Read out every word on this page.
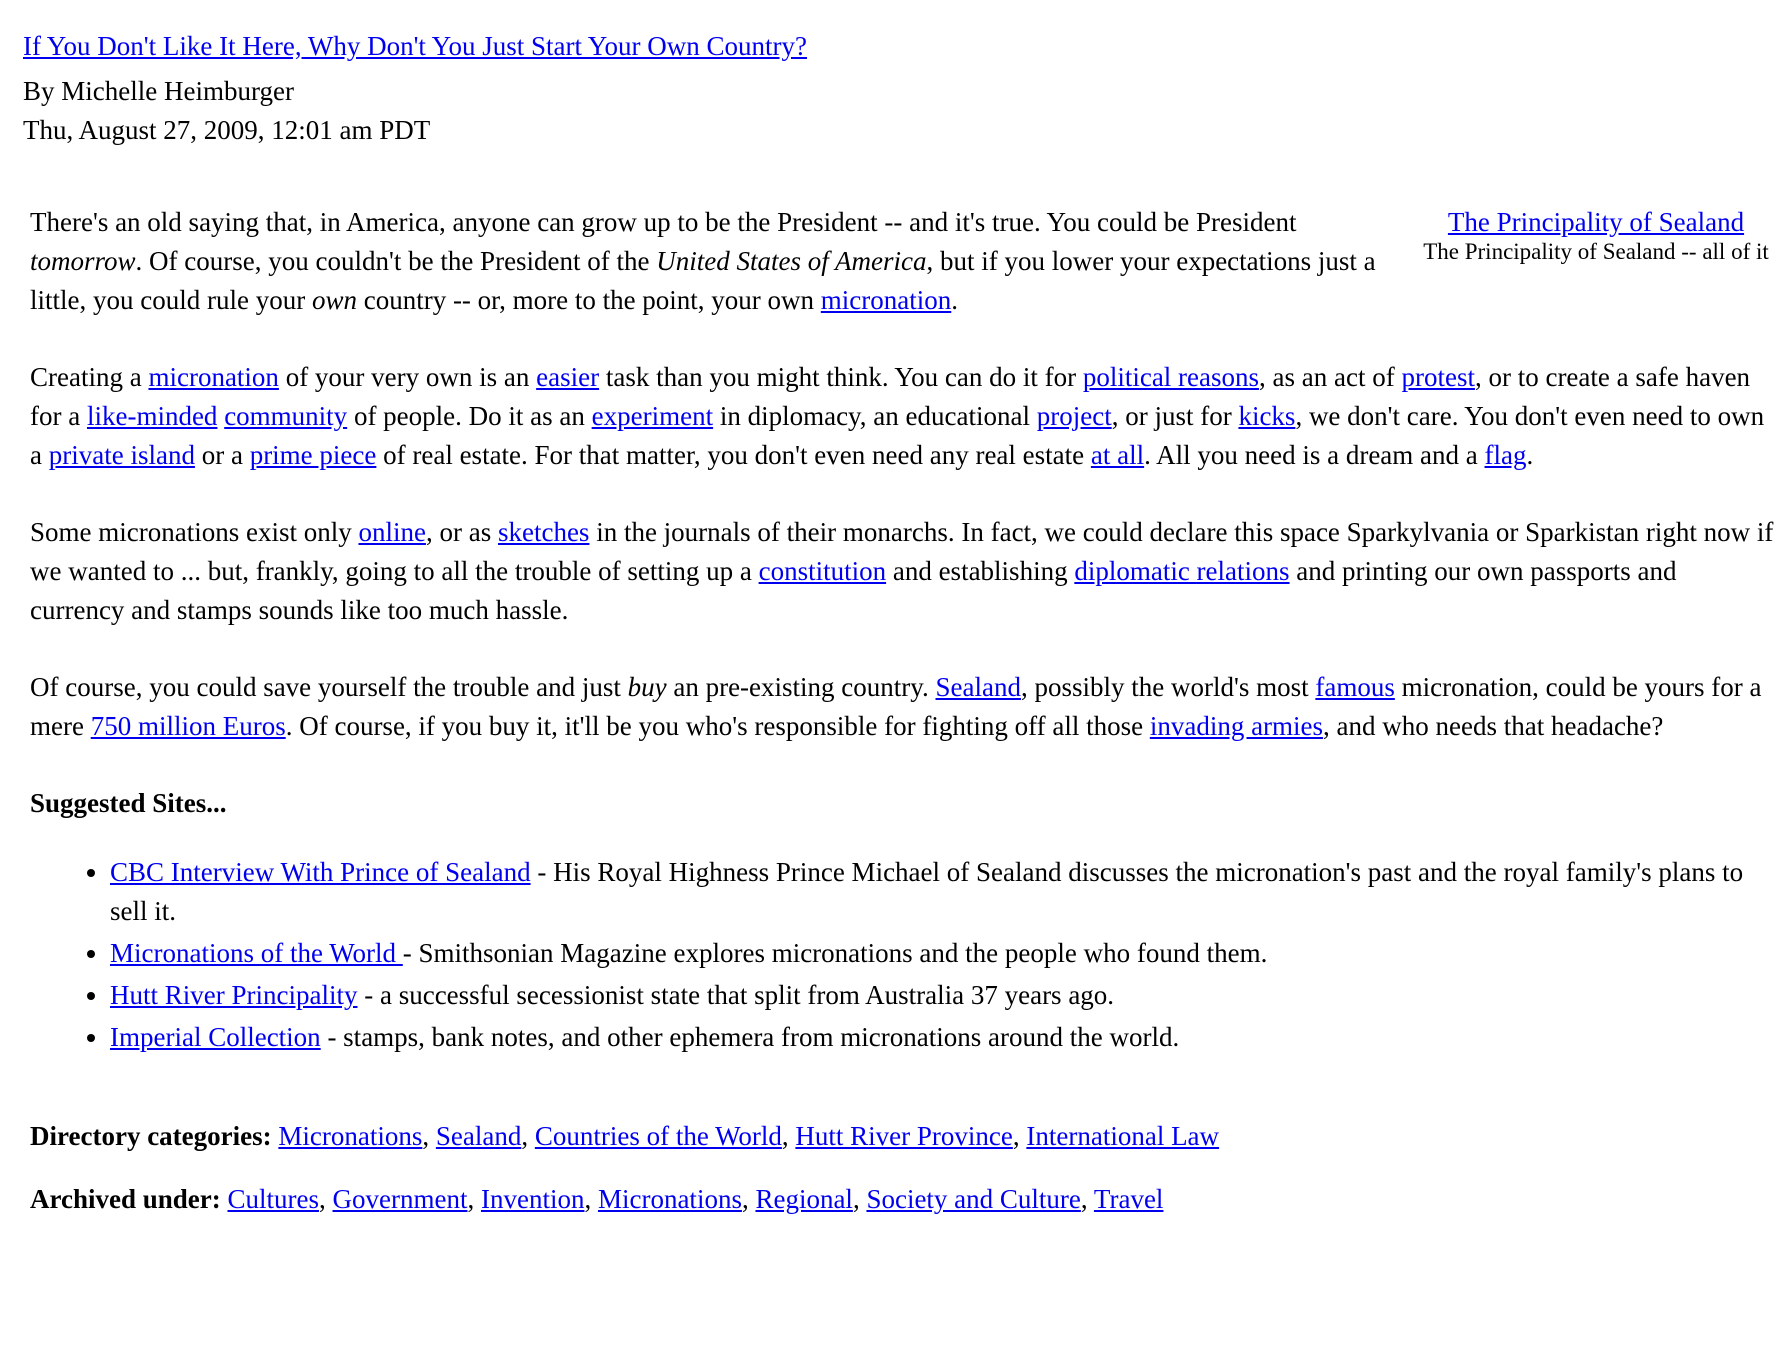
If You Don't Like It Here, Why Don't You Just Start Your Own Country?
By Michelle Heimburger
Thu, August 27, 2009, 12:01 am PDT
The Principality of Sealand
The Principality of Sealand -- all of it

There's an old saying that, in America, anyone can grow up to be the President -- and it's true. You could be President tomorrow. Of course, you couldn't be the President of the United States of America, but if you lower your expectations just a little, you could rule your own country -- or, more to the point, your own micronation.

Creating a micronation of your very own is an easier task than you might think. You can do it for political reasons, as an act of protest, or to create a safe haven for a like-minded community of people. Do it as an experiment in diplomacy, an educational project, or just for kicks, we don't care. You don't even need to own a private island or a prime piece of real estate. For that matter, you don't even need any real estate at all. All you need is a dream and a flag.

Some micronations exist only online, or as sketches in the journals of their monarchs. In fact, we could declare this space Sparkylvania or Sparkistan right now if we wanted to ... but, frankly, going to all the trouble of setting up a constitution and establishing diplomatic relations and printing our own passports and currency and stamps sounds like too much hassle.

Of course, you could save yourself the trouble and just buy an pre-existing country. Sealand, possibly the world's most famous micronation, could be yours for a mere 750 million Euros. Of course, if you buy it, it'll be you who's responsible for fighting off all those invading armies, and who needs that headache?

Suggested Sites...
• CBC Interview With Prince of Sealand - His Royal Highness Prince Michael of Sealand discusses the micronation's past and the royal family's plans to sell it.
• Micronations of the World - Smithsonian Magazine explores micronations and the people who found them.
• Hutt River Principality - a successful secessionist state that split from Australia 37 years ago.
• Imperial Collection - stamps, bank notes, and other ephemera from micronations around the world.
Directory categories: Micronations, Sealand, Countries of the World, Hutt River Province, International Law
Archived under: Cultures, Government, Invention, Micronations, Regional, Society and Culture, Travel
